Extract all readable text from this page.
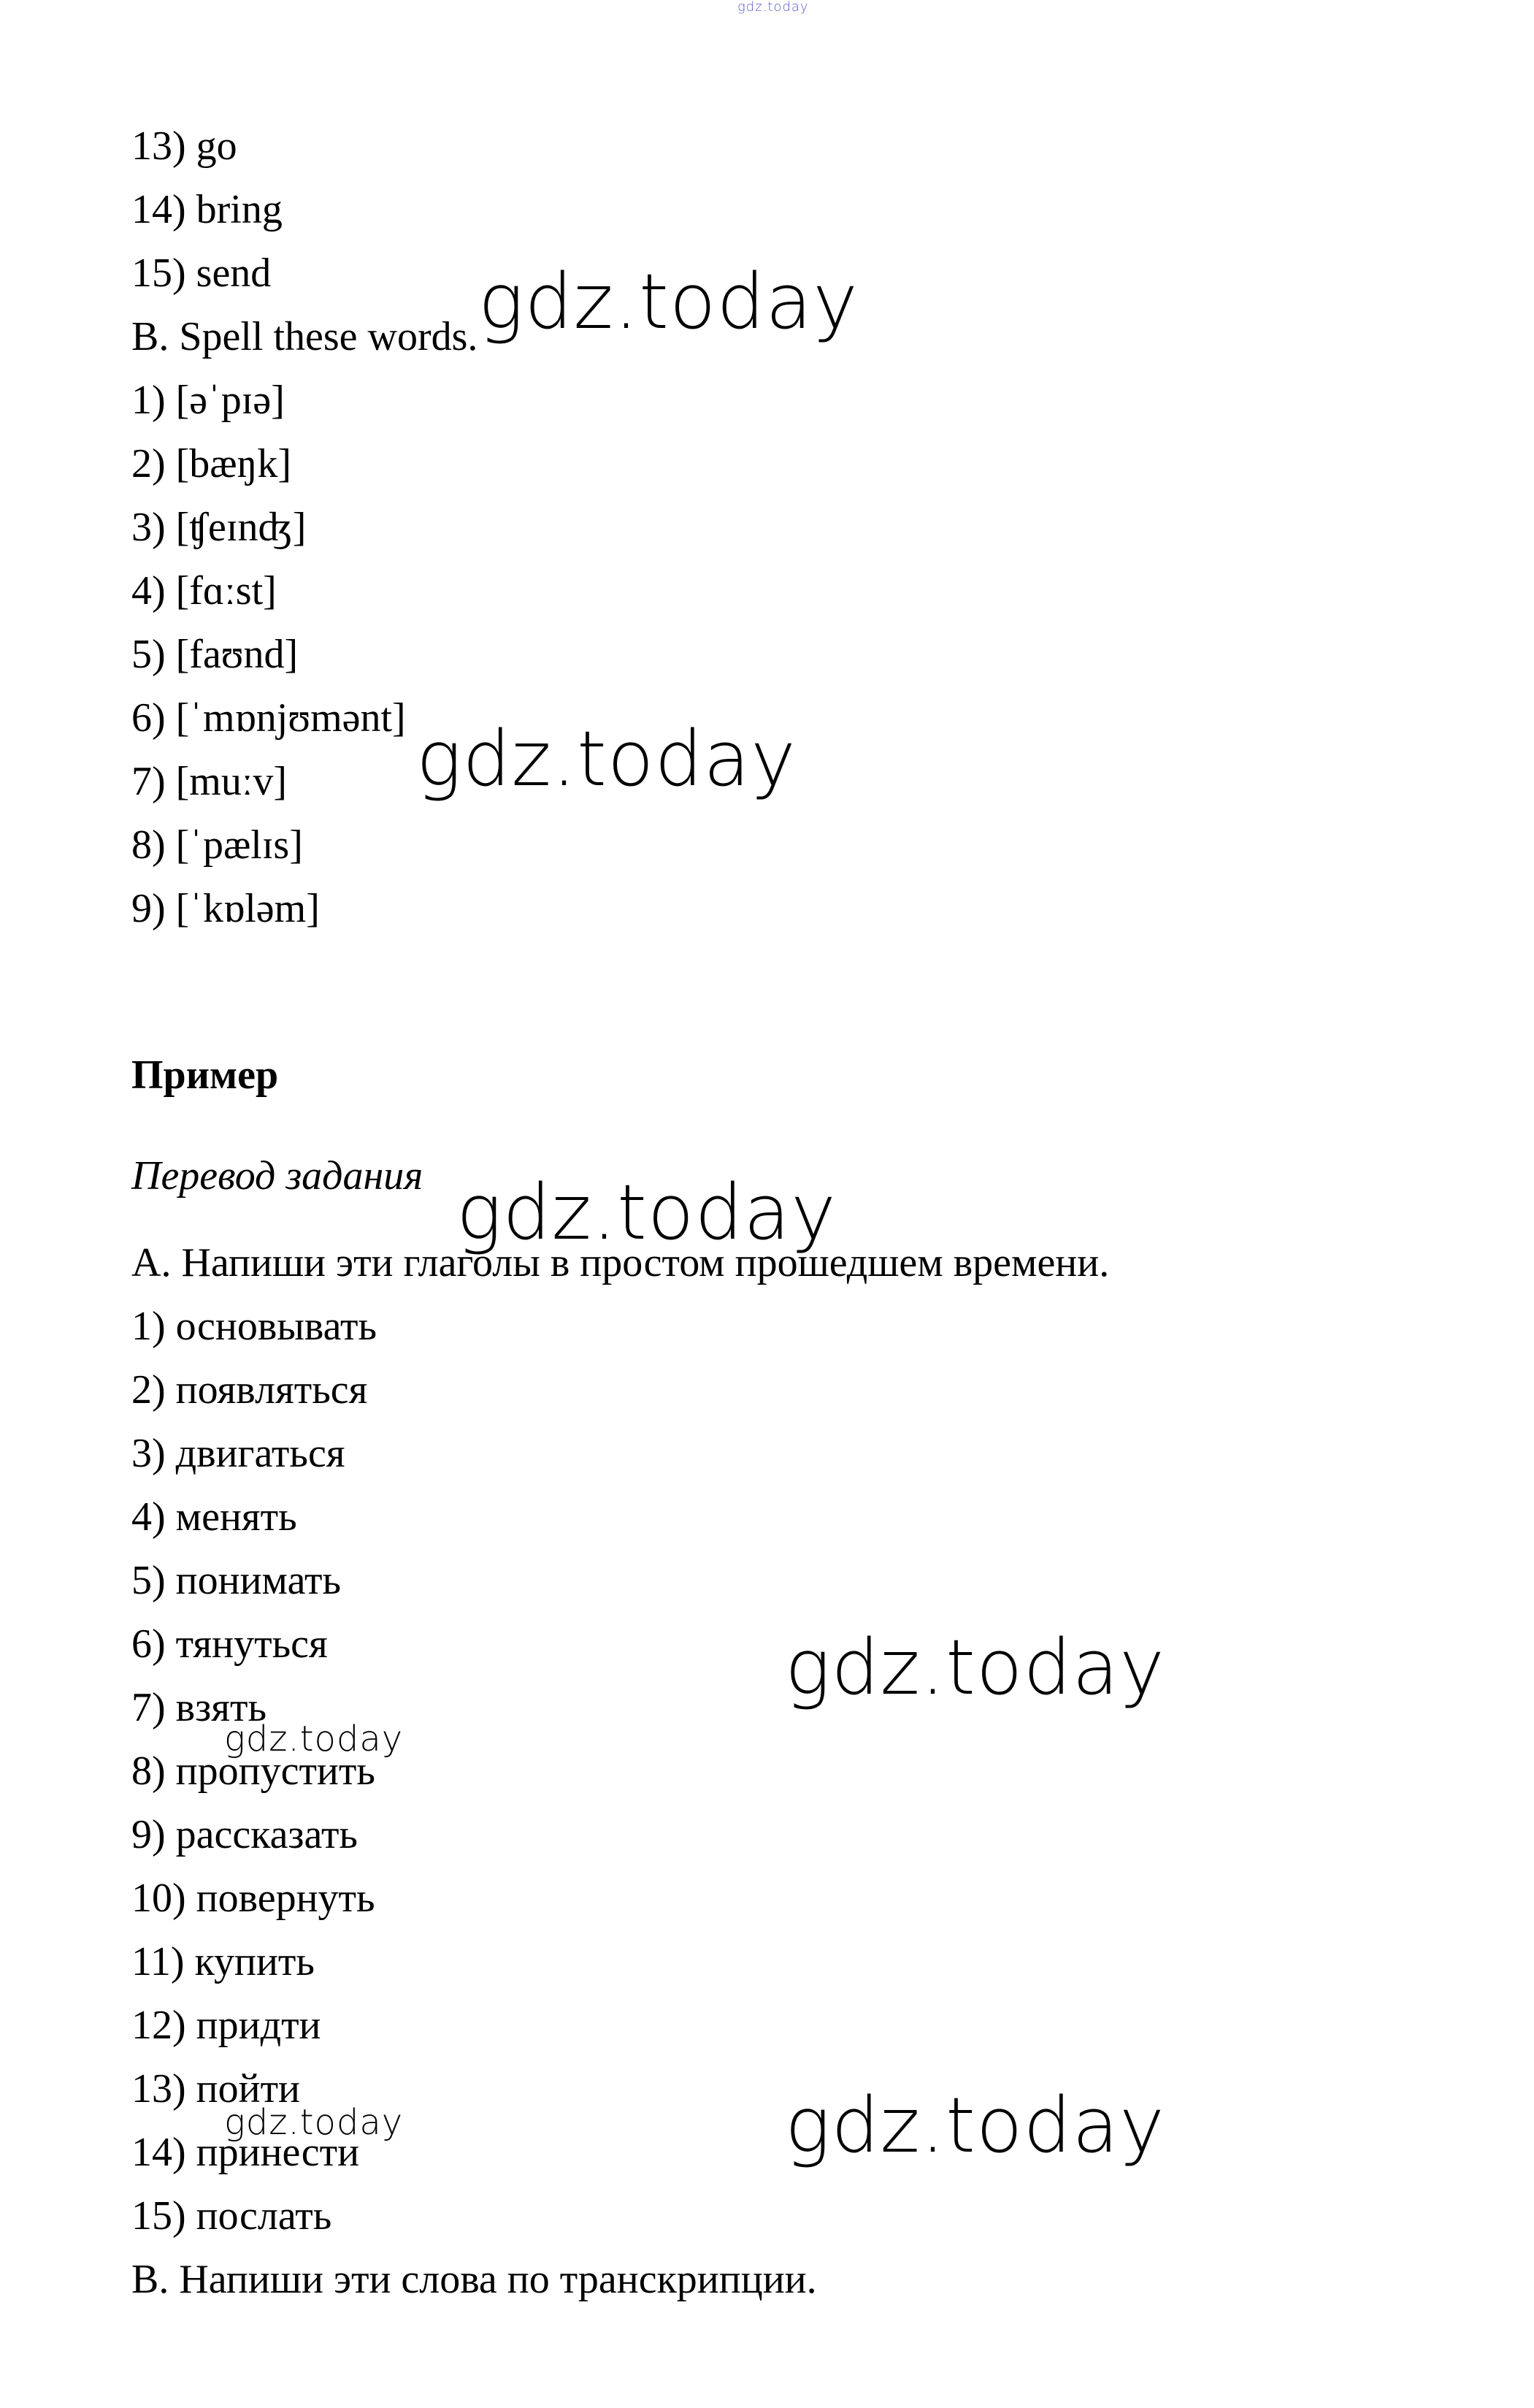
gdz.today
13) go
14) bring
15) send
B. Spell these words.
1) [əˈpɪə]
2) [bæŋk]
3) [ʧeɪnʤ]
4) [fɑːst]
5) [faʊnd]
6) [ˈmɒnjʊmənt]
7) [muːv]
8) [ˈpælɪs]
9) [ˈkɒləm]
Пример
Перевод задания
A. Напиши эти глаголы в простом прошедшем времени.
1) основывать
2) появляться
3) двигаться
4) менять
5) понимать
6) тянуться
7) взять
8) пропустить
9) рассказать
10) повернуть
11) купить
12) придти
13) пойти
14) принести
15) послать
B. Напиши эти слова по транскрипции.
gdz.today
gdz.today
gdz.today
gdz.today
gdz.today
gdz.today
gdz.today
